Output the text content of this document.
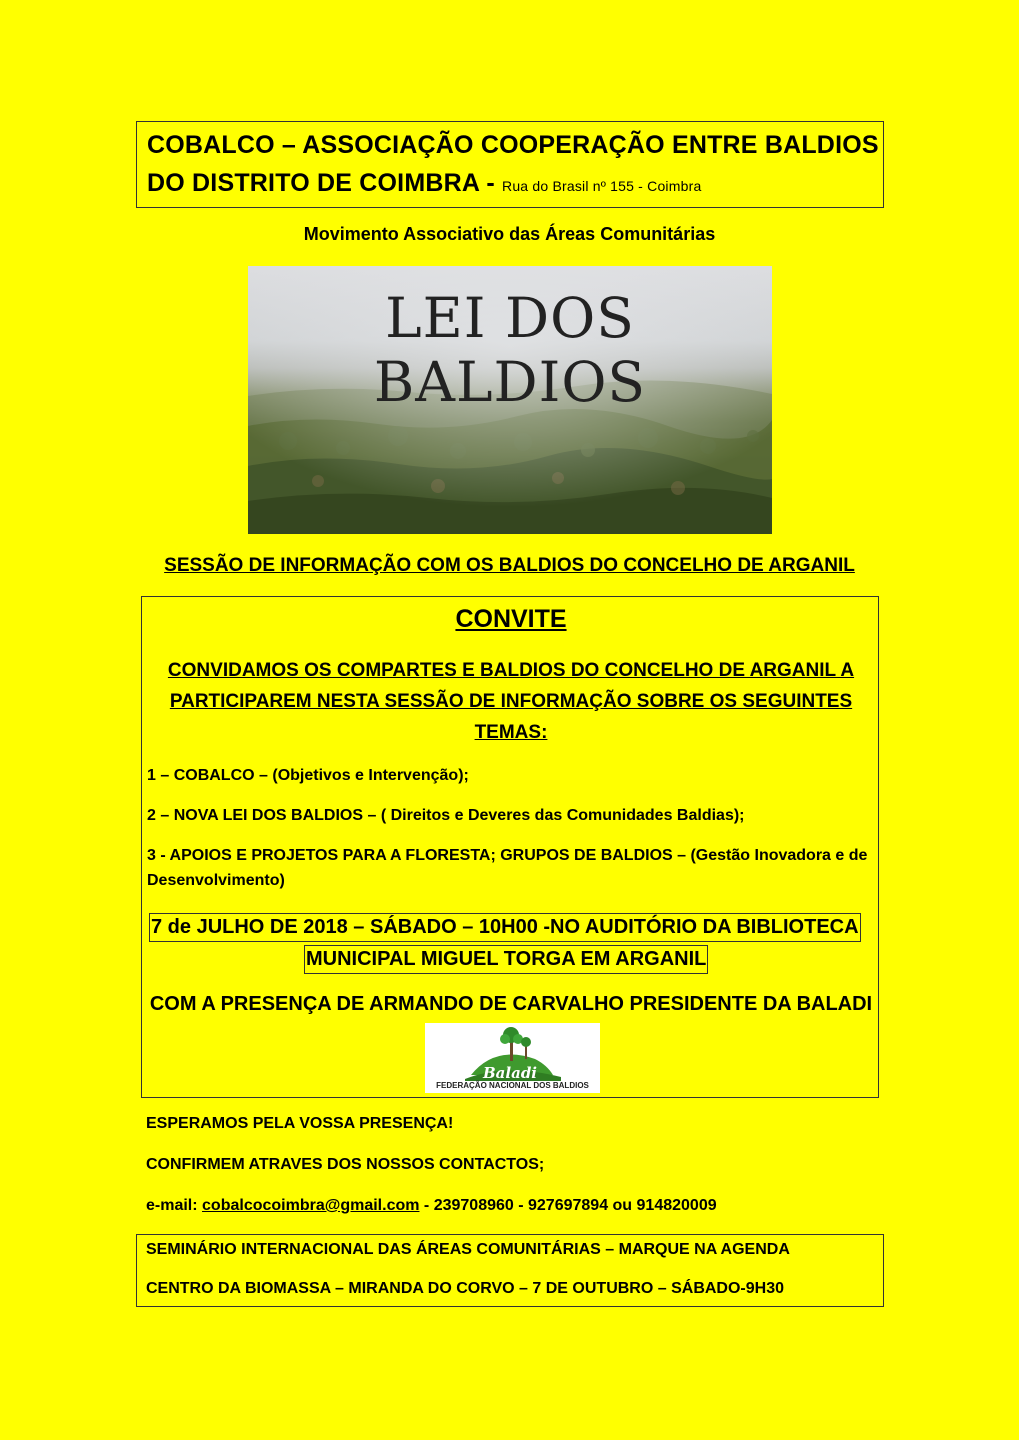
COBALCO – ASSOCIAÇÃO COOPERAÇÃO ENTRE BALDIOS
DO DISTRITO DE COIMBRA - Rua do Brasil nº 155 - Coimbra
Movimento Associativo das Áreas Comunitárias
LEI DOS BALDIOS
SESSÃO DE INFORMAÇÃO COM OS BALDIOS DO CONCELHO DE ARGANIL
CONVITE
CONVIDAMOS OS COMPARTES E BALDIOS DO CONCELHO DE ARGANIL A
PARTICIPAREM NESTA SESSÃO DE INFORMAÇÃO SOBRE OS SEGUINTES
TEMAS:
1 – COBALCO – (Objetivos e Intervenção);
2 – NOVA LEI DOS BALDIOS – ( Direitos e Deveres das Comunidades Baldias);
3 - APOIOS E PROJETOS PARA A FLORESTA; GRUPOS DE BALDIOS – (Gestão Inovadora e de Desenvolvimento)
7 de JULHO DE 2018 – SÁBADO – 10H00 -NO AUDITÓRIO DA BIBLIOTECA
MUNICIPAL MIGUEL TORGA EM ARGANIL
COM A PRESENÇA DE ARMANDO DE CARVALHO PRESIDENTE DA BALADI
Baladi
FEDERAÇÃO NACIONAL DOS BALDIOS
ESPERAMOS PELA VOSSA PRESENÇA!
CONFIRMEM ATRAVES DOS NOSSOS CONTACTOS;
e-mail: cobalcocoimbra@gmail.com - 239708960 - 927697894 ou 914820009
SEMINÁRIO INTERNACIONAL DAS ÁREAS COMUNITÁRIAS – MARQUE NA AGENDA
CENTRO DA BIOMASSA – MIRANDA DO CORVO – 7 DE OUTUBRO – SÁBADO-9H30
